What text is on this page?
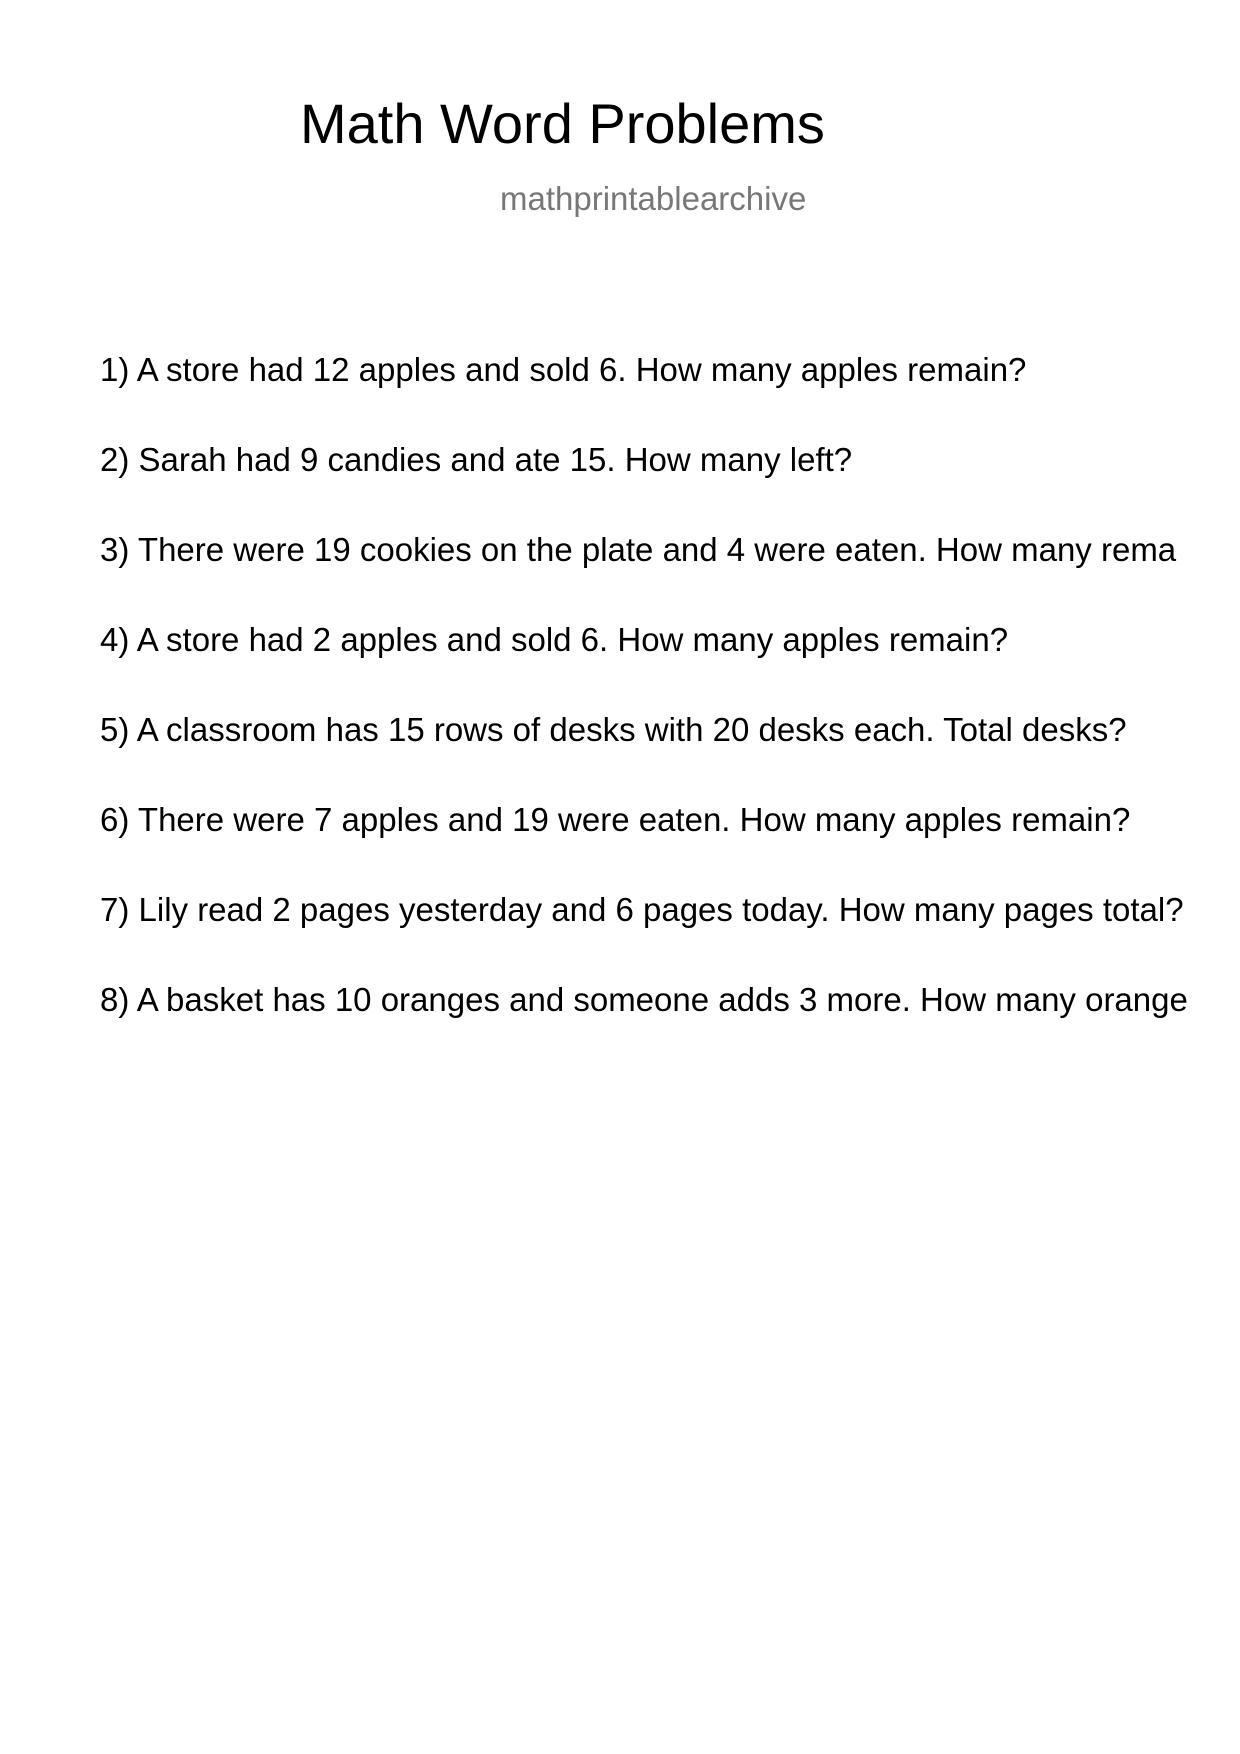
Math Word Problems
mathprintablearchive
1) A store had 12 apples and sold 6. How many apples remain?
2) Sarah had 9 candies and ate 15. How many left?
3) There were 19 cookies on the plate and 4 were eaten. How many rema
4) A store had 2 apples and sold 6. How many apples remain?
5) A classroom has 15 rows of desks with 20 desks each. Total desks?
6) There were 7 apples and 19 were eaten. How many apples remain?
7) Lily read 2 pages yesterday and 6 pages today. How many pages total?
8) A basket has 10 oranges and someone adds 3 more. How many orange
